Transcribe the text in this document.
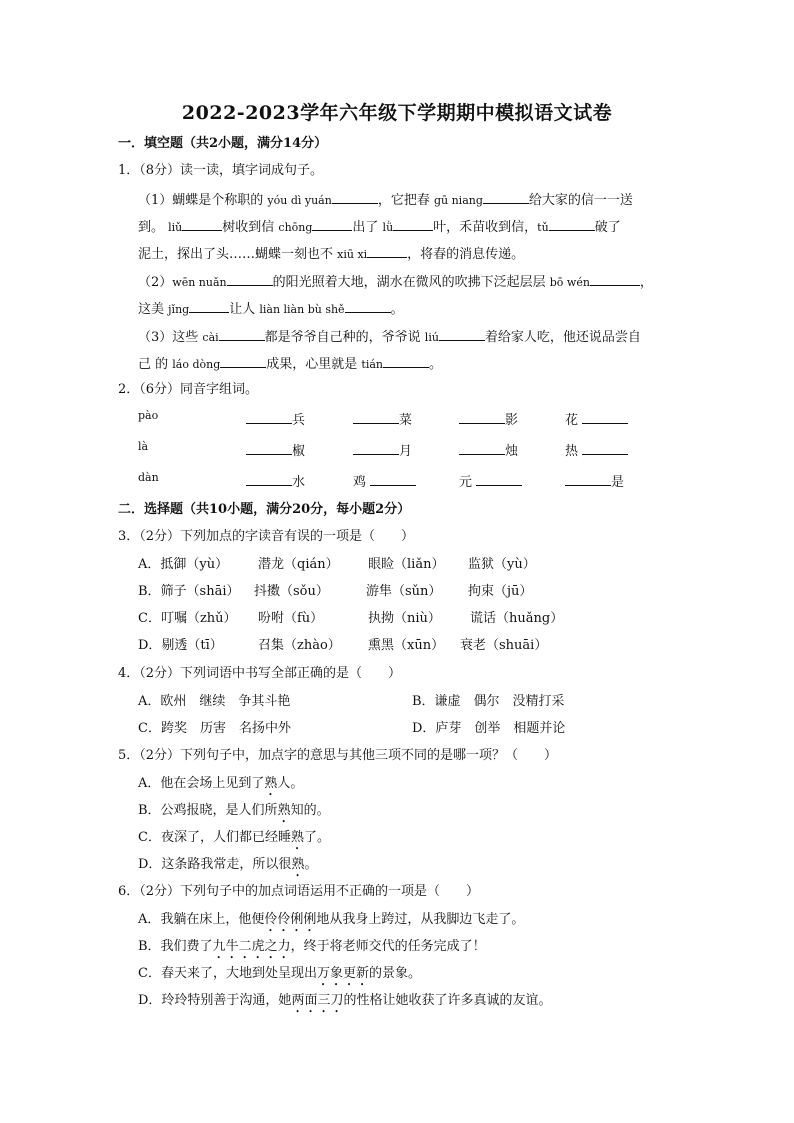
2022-2023学年六年级下学期期中模拟语文试卷
一．填空题（共2小题，满分14分）
1．（8分）读一读，填字词成句子。
（1）蝴蝶是个称职的 yóu dì yuán	，它把春 gū niang	给大家的信一一送
到。 liǔ	树收到信 chōng	出了 lǜ	叶，禾苗收到信，tǔ	破了
泥土，探出了头……蝴蝶一刻也不 xiū xi	，将春的消息传递。
（2）wēn nuǎn	的阳光照着大地，湖水在微风的吹拂下泛起层层 bō wén	，
这美 jǐng	让人 liàn liàn bù shě	。
（3）这些 cài	都是爷爷自己种的，爷爷说 liú	着给家人吃，他还说品尝自
己 的 láo dòng	成果，心里就是 tián	。
2．（6分）同音字组词。
pào	兵	菜	影	花
là	椒	月	烛	热
dàn	水	鸡	元	是
二．选择题（共10小题，满分20分，每小题2分）
3．（2分）下列加点的字读音有误的一项是（　　）
A．抵御（yù） 潜龙（qián） 眼睑（liǎn） 监狱（yù）
B．筛子（shāi） 抖擞（sǒu）	游隼（sǔn） 拘束（jū）
C．叮嘱（zhǔ） 吩咐（fù）	执拗（niù） 谎话（huǎng）
D．剔透（tī）	召集（zhào） 熏黑（xūn） 衰老（shuāi）
4．（2分）下列词语中书写全部正确的是（　　）
A．欧州　继续　争其斗艳	B．谦虚　偶尔　没精打采
C．跨奖　历害　名扬中外	D．庐芽　创举　相题并论
5．（2分）下列句子中，加点字的意思与其他三项不同的是哪一项？（　　）
A．他在会场上见到了熟人。
B．公鸡报晓，是人们所熟知的。
C．夜深了，人们都已经睡熟了。
D．这条路我常走，所以很熟。
6．（2分）下列句子中的加点词语运用不正确的一项是（　　）
A．我躺在床上，他便伶伶俐俐地从我身上跨过，从我脚边飞走了。
B．我们费了九牛二虎之力，终于将老师交代的任务完成了！
C．春天来了，大地到处呈现出万象更新的景象。
D．玲玲特别善于沟通，她两面三刀的性格让她收获了许多真诚的友谊。
